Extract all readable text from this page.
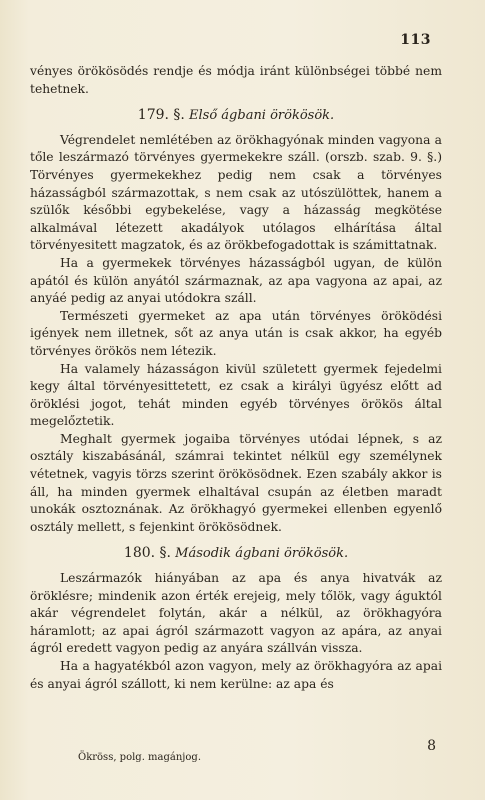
113

vényes örökösödés rendje és módja iránt különbségei többé nem tehetnek.

179. §. Első ágbani örökösök.

Végrendelet nemlétében az örökhagyónak minden vagyona a tőle leszármazó törvényes gyermekekre száll. (orszb. szab. 9. §.) Törvényes gyermekekhez pedig nem csak a törvényes házasságból származottak, s nem csak az utószülöttek, hanem a szülők későbbi egybekelése, vagy a házasság megkötése alkalmával létezett akadályok utólagos elhárítása által törvényesitett magzatok, és az örökbefogadottak is számittatnak.

Ha a gyermekek törvényes házasságból ugyan, de külön apától és külön anyától származnak, az apa vagyona az apai, az anyáé pedig az anyai utódokra száll.

Természeti gyermeket az apa után törvényes öröködési igények nem illetnek, sőt az anya után is csak akkor, ha egyéb törvényes örökös nem létezik.

Ha valamely házasságon kivül született gyermek fejedelmi kegy által törvényesittetett, ez csak a királyi ügyész előtt ad öröklési jogot, tehát minden egyéb törvényes örökös által megelőztetik.

Meghalt gyermek jogaiba törvényes utódai lépnek, s az osztály kiszabásánál, számrai tekintet nélkül egy személynek vétetnek, vagyis törzs szerint örökösödnek. Ezen szabály akkor is áll, ha minden gyermek elhaltával csupán az életben maradt unokák osztoznának. Az örökhagyó gyermekei ellenben egyenlő osztály mellett, s fejenkint örökösödnek.

180. §. Második ágbani örökösök.

Leszármazók hiányában az apa és anya hivatvák az öröklésre; mindenik azon érték erejeig, mely tőlök, vagy águktól akár végrendelet folytán, akár a nélkül, az örökhagyóra háramlott; az apai ágról származott vagyon az apára, az anyai ágról eredett vagyon pedig az anyára szállván vissza.

Ha a hagyatékból azon vagyon, mely az örökhagyóra az apai és anyai ágról szállott, ki nem kerülne: az apa és

Ökröss, polg. magánjog.
8
